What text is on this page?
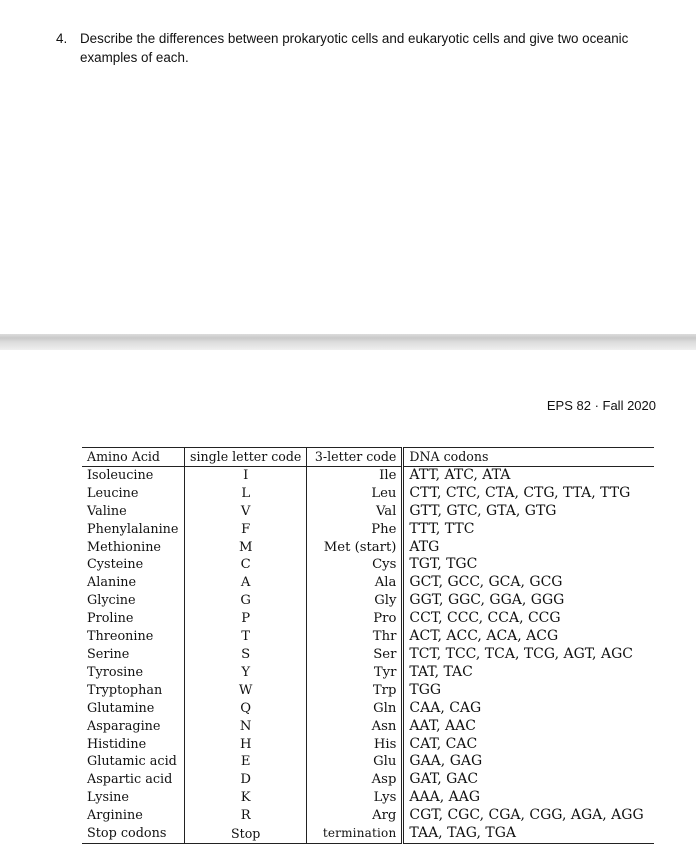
4. Describe the differences between prokaryotic cells and eukaryotic cells and give two oceanic examples of each.
EPS 82 · Fall 2020
Amino Acid	single letter code	3-letter code	DNA codons
Isoleucine	I	Ile	ATT, ATC, ATA
Leucine	L	Leu	CTT, CTC, CTA, CTG, TTA, TTG
Valine	V	Val	GTT, GTC, GTA, GTG
Phenylalanine	F	Phe	TTT, TTC
Methionine	M	Met (start)	ATG
Cysteine	C	Cys	TGT, TGC
Alanine	A	Ala	GCT, GCC, GCA, GCG
Glycine	G	Gly	GGT, GGC, GGA, GGG
Proline	P	Pro	CCT, CCC, CCA, CCG
Threonine	T	Thr	ACT, ACC, ACA, ACG
Serine	S	Ser	TCT, TCC, TCA, TCG, AGT, AGC
Tyrosine	Y	Tyr	TAT, TAC
Tryptophan	W	Trp	TGG
Glutamine	Q	Gln	CAA, CAG
Asparagine	N	Asn	AAT, AAC
Histidine	H	His	CAT, CAC
Glutamic acid	E	Glu	GAA, GAG
Aspartic acid	D	Asp	GAT, GAC
Lysine	K	Lys	AAA, AAG
Arginine	R	Arg	CGT, CGC, CGA, CGG, AGA, AGG
Stop codons	Stop	termination	TAA, TAG, TGA
